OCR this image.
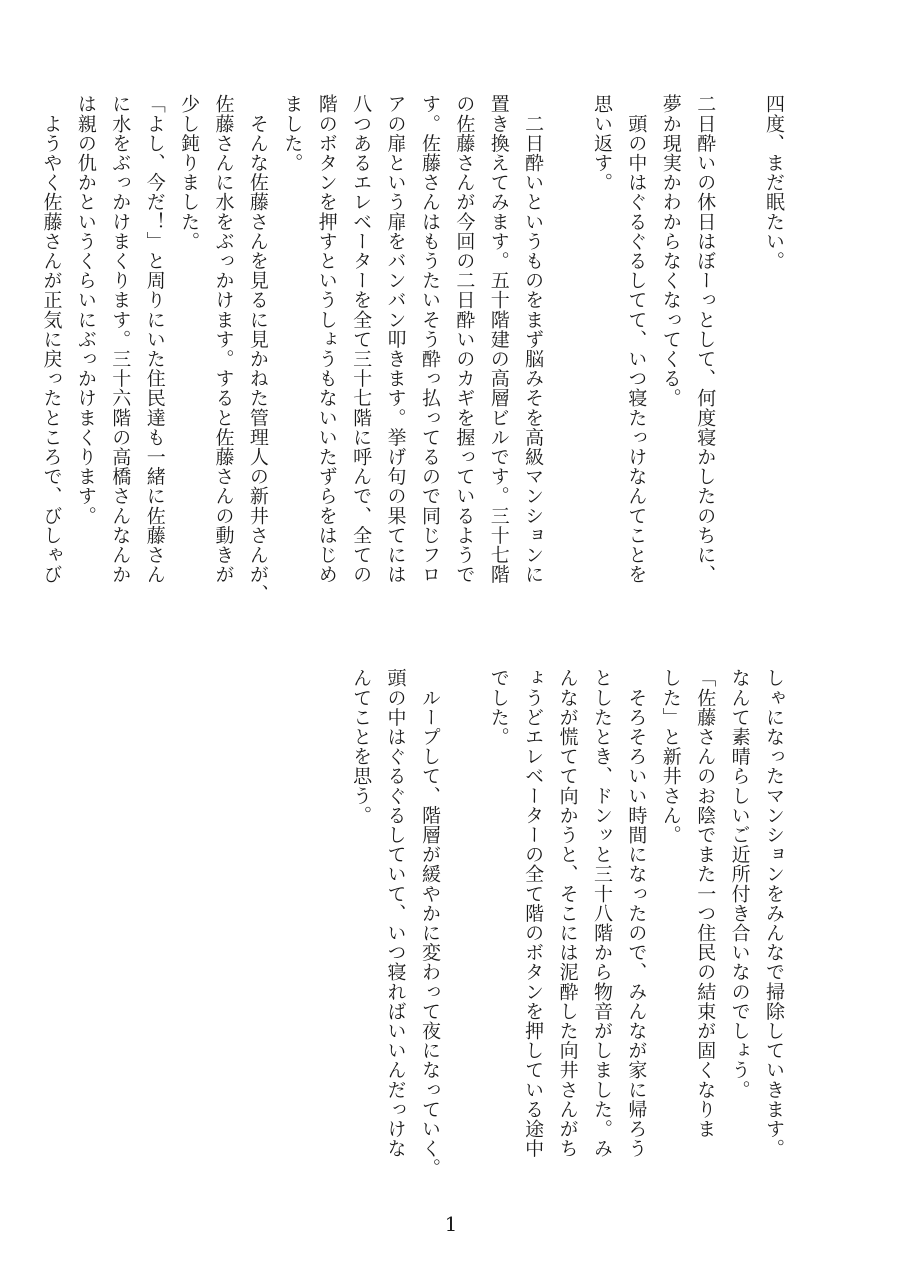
四度、まだ眠たい。

二日酔いの休日はぼーっとして、何度寝かしたのちに、

夢か現実かわからなくなってくる。

　頭の中はぐるぐるしてて、いつ寝たっけなんてことを

思い返す。

　二日酔いというものをまず脳みそを高級マンションに

置き換えてみます。五十階建の高層ビルです。三十七階

の佐藤さんが今回の二日酔いのカギを握っているようで

す。佐藤さんはもうたいそう酔っ払ってるので同じフロ

アの扉という扉をバンバン叩きます。挙げ句の果てには

八つあるエレベーターを全て三十七階に呼んで、全ての

階のボタンを押すというしょうもないいたずらをはじめ

ました。

　そんな佐藤さんを見るに見かねた管理人の新井さんが、

佐藤さんに水をぶっかけます。すると佐藤さんの動きが

少し鈍りました。

「よし、今だ！」と周りにいた住民達も一緒に佐藤さん

に水をぶっかけまくります。三十六階の高橋さんなんか

は親の仇かというくらいにぶっかけまくります。

　ようやく佐藤さんが正気に戻ったところで、びしゃび

しゃになったマンションをみんなで掃除していきます。

なんて素晴らしいご近所付き合いなのでしょう。

「佐藤さんのお陰でまた一つ住民の結束が固くなりま

した」と新井さん。

　そろそろいい時間になったので、みんなが家に帰ろう

としたとき、ドンッと三十八階から物音がしました。み

んなが慌てて向かうと、そこには泥酔した向井さんがち

ょうどエレベーターの全て階のボタンを押している途中

でした。

　ループして、階層が緩やかに変わって夜になっていく。

頭の中はぐるぐるしていて、いつ寝ればいいんだっけな

んてことを思う。

1
